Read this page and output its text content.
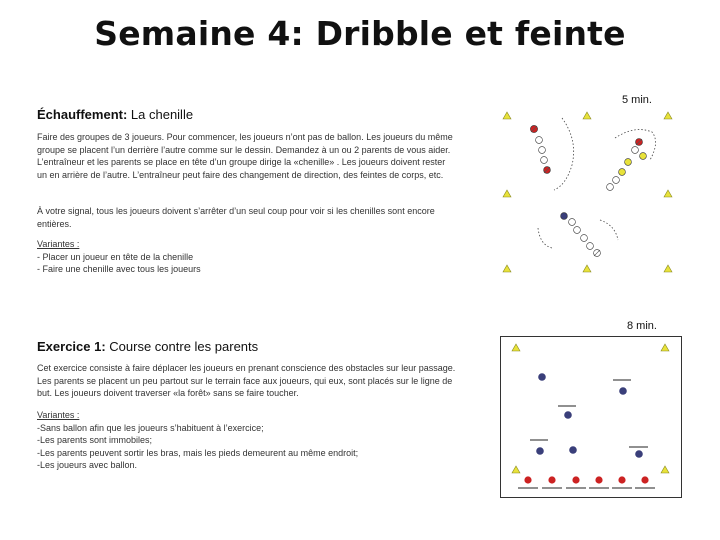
Semaine 4: Dribble et feinte
Échauffement: La chenille
5 min.
Faire des groupes de 3 joueurs. Pour commencer, les joueurs n’ont pas de ballon. Les joueurs du même groupe se placent l’un derrière l’autre comme sur le dessin. Demandez à un ou 2 parents de vous aider. L’entraîneur et les parents se place en tête d’un groupe dirige la «chenille» . Les joueurs doivent rester un en arrière de l’autre. L’entraîneur peut faire des changement de direction, des feintes de corps, etc.
À votre signal, tous les joueurs doivent s’arrêter d’un seul coup pour voir si les chenilles sont encore entières.
Variantes :
- Placer un joueur en tête de la chenille
- Faire une chenille avec tous les joueurs
8 min.
Exercice 1: Course contre les parents
Cet exercice consiste à faire déplacer les joueurs en prenant conscience des obstacles sur leur passage. Les parents se placent un peu partout sur le terrain face aux joueurs, qui eux, sont placés sur le ligne de but. Les joueurs doivent traverser «la forêt» sans se faire toucher.
Variantes :
-Sans ballon afin que les joueurs s’habituent à l’exercice;
-Les parents sont immobiles;
-Les parents peuvent sortir les bras, mais les pieds demeurent au même endroit;
-Les joueurs avec ballon.
